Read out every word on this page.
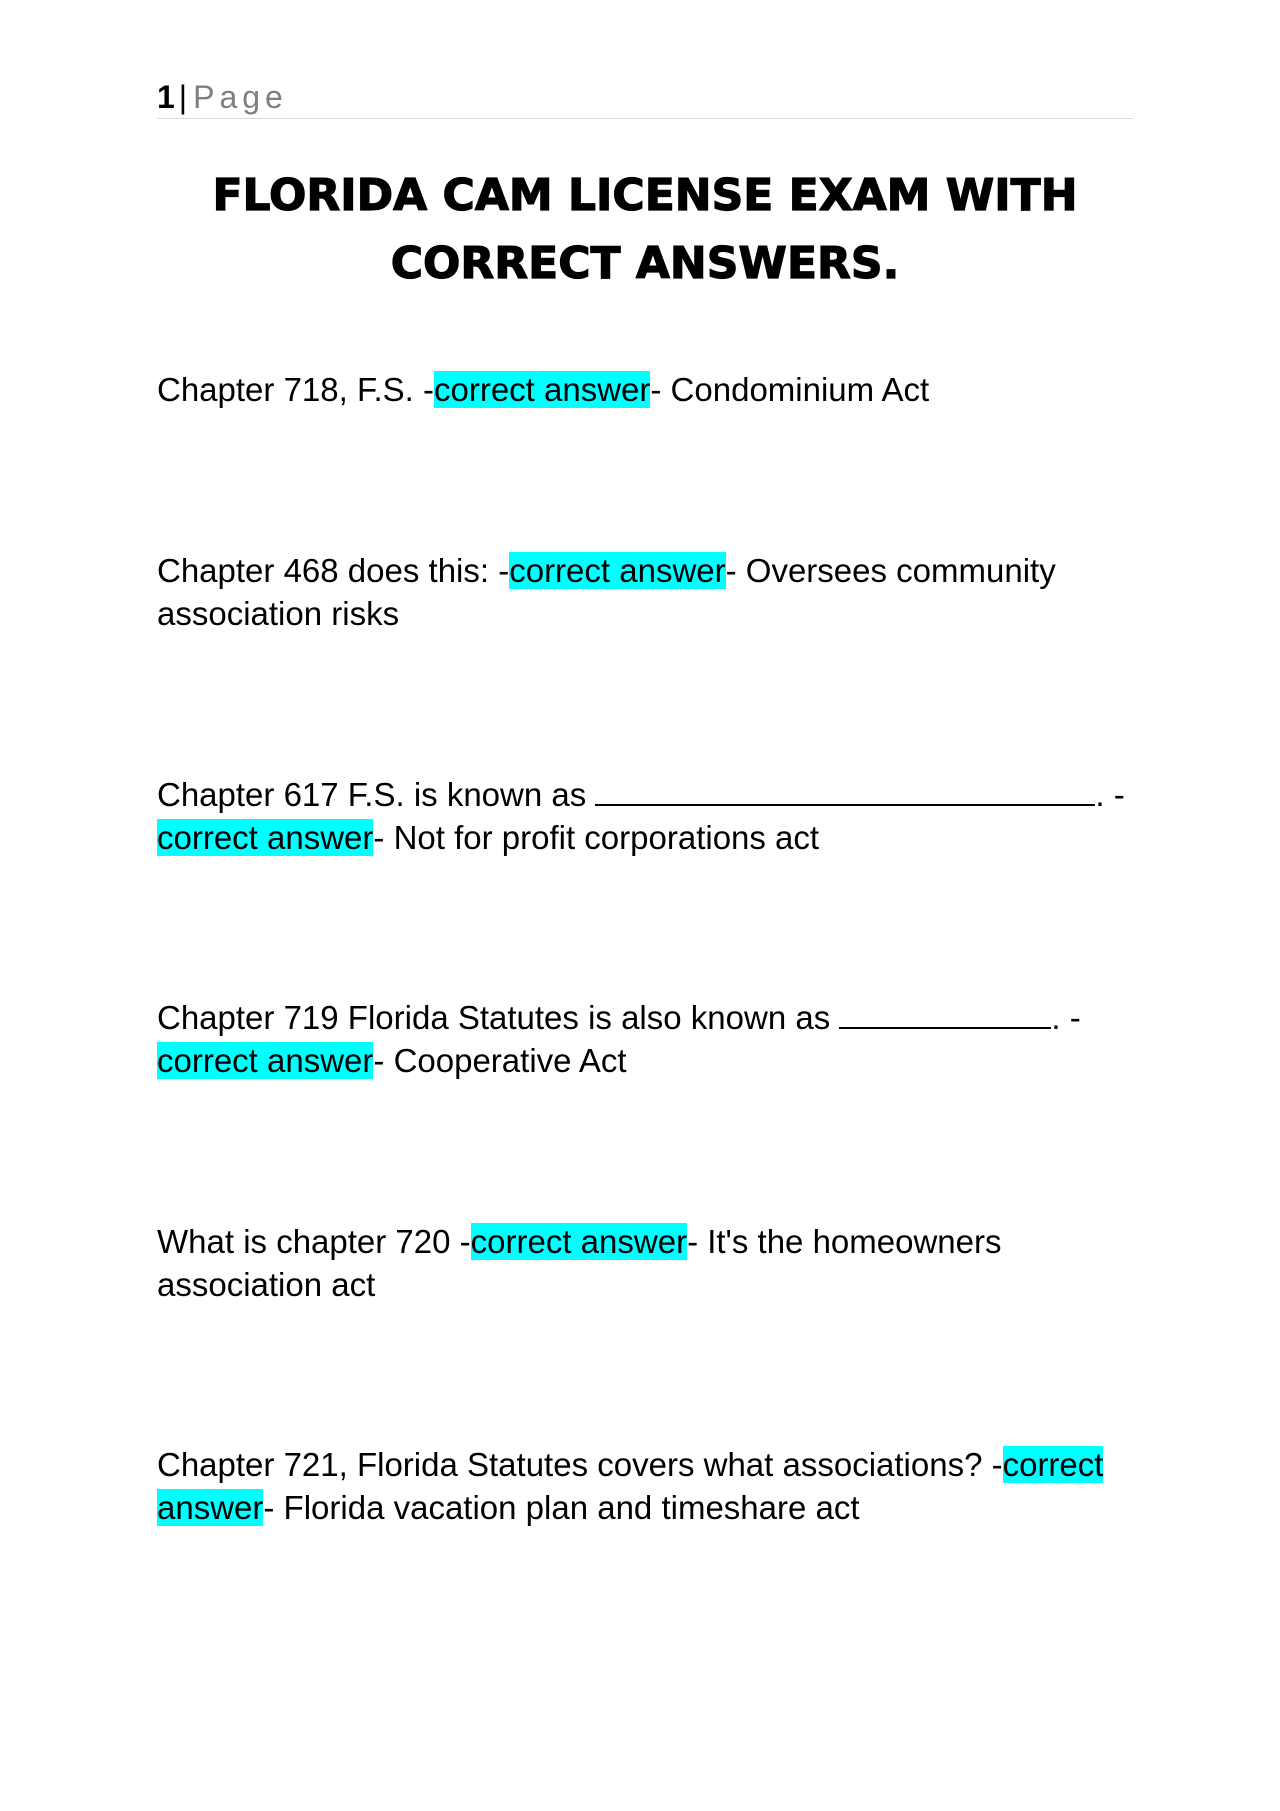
1 | Page
FLORIDA CAM LICENSE EXAM WITH
CORRECT ANSWERS.

Chapter 718, F.S. -correct answer- Condominium Act

Chapter 468 does this: -correct answer- Oversees community association risks

Chapter 617 F.S. is known as	. -correct answer- Not for profit corporations act

Chapter 719 Florida Statutes is also known as	. -correct answer- Cooperative Act

What is chapter 720 -correct answer- It's the homeowners association act

Chapter 721, Florida Statutes covers what associations? -correct answer- Florida vacation plan and timeshare act
